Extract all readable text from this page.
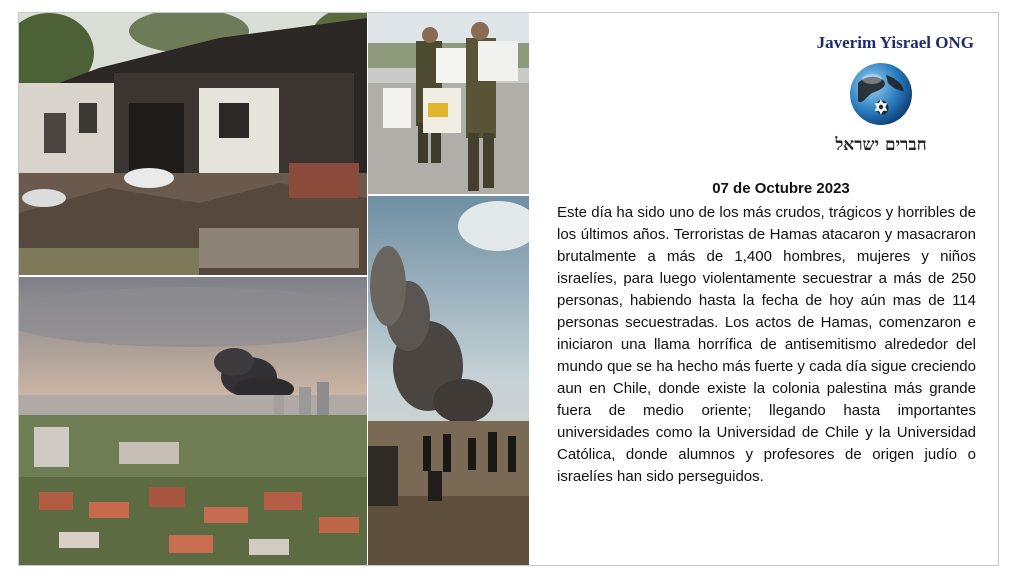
Javerim Yisrael ONG
חברים ישראל
07 de Octubre 2023

Este día ha sido uno de los más crudos, trágicos y horribles de los últimos años. Terroristas de Hamas atacaron y masacraron brutalmente a más de 1,400 hombres, mujeres y niños israelíes, para luego violentamente secuestrar a más de 250 personas, habiendo hasta la fecha de hoy aún mas de 114 personas secuestradas. Los actos de Hamas, comenzaron e iniciaron una llama horrífica de antisemitismo alrededor del mundo que se ha hecho más fuerte y cada día sigue creciendo aun en Chile, donde existe la colonia palestina más grande fuera de medio oriente; llegando hasta importantes universidades como la Universidad de Chile y la Universidad Católica, donde alumnos y profesores de origen judío o israelíes han sido perseguidos.
